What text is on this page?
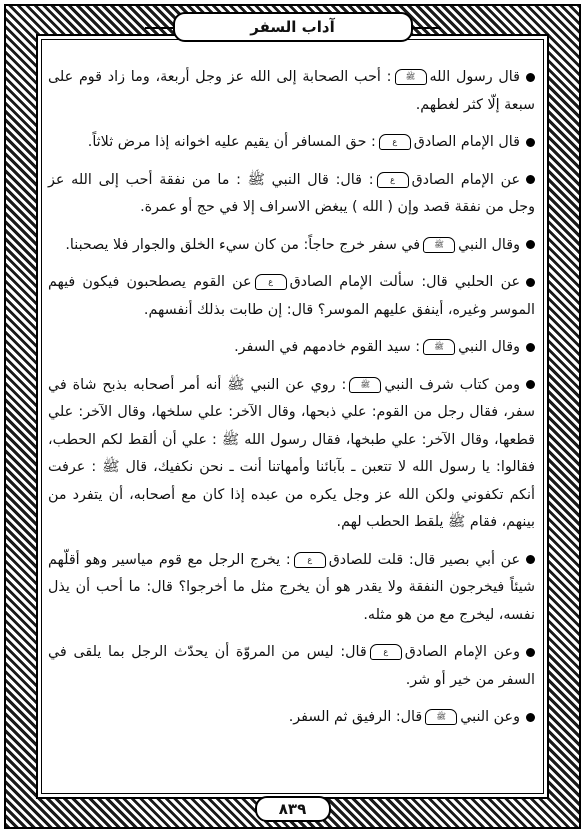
آداب السفر
٨٣٩

قال رسول اللهﷺ: أحب الصحابة إلى الله عز وجل أربعة، وما زاد قوم على سبعة إلّا كثر لغطهم.

قال الإمام الصادقع: حق المسافر أن يقيم عليه اخوانه إذا مرض ثلاثاً.

عن الإمام الصادقع: قال: قال النبي ﷺ : ما من نفقة أحب إلى الله عز وجل من نفقة قصد وإن ( الله ) يبغض الاسراف إلا في حج أو عمرة.

وقال النبيﷺفي سفر خرج حاجاً: من كان سيء الخلق والجوار فلا يصحبنا.

عن الحلبي قال: سألت الإمام الصادقععن القوم يصطحبون فيكون فيهم الموسر وغيره، أينفق عليهم الموسر؟ قال: إن طابت بذلك أنفسهم.

وقال النبيﷺ: سيد القوم خادمهم في السفر.

ومن كتاب شرف النبيﷺ: روي عن النبي ﷺ أنه أمر أصحابه بذبح شاة في سفر، فقال رجل من القوم: علي ذبحها، وقال الآخر: علي سلخها، وقال الآخر: علي قطعها، وقال الآخر: علي طبخها، فقال رسول الله ﷺ : علي أن ألقط لكم الحطب، فقالوا: يا رسول الله لا تتعبن ـ بآبائنا وأمهاتنا أنت ـ نحن نكفيك، قال ﷺ : عرفت أنكم تكفوني ولكن الله عز وجل يكره من عبده إذا كان مع أصحابه، أن يتفرد من بينهم، فقام ﷺ يلقط الحطب لهم.

عن أبي بصير قال: قلت للصادقع: يخرج الرجل مع قوم مياسير وهو أقلّهم شيئاً فيخرجون النفقة ولا يقدر هو أن يخرج مثل ما أخرجوا؟ قال: ما أحب أن يذل نفسه، ليخرج مع من هو مثله.

وعن الإمام الصادقعقال: ليس من المروّة أن يحدّث الرجل بما يلقى في السفر من خير أو شر.

وعن النبيﷺقال: الرفيق ثم السفر.
